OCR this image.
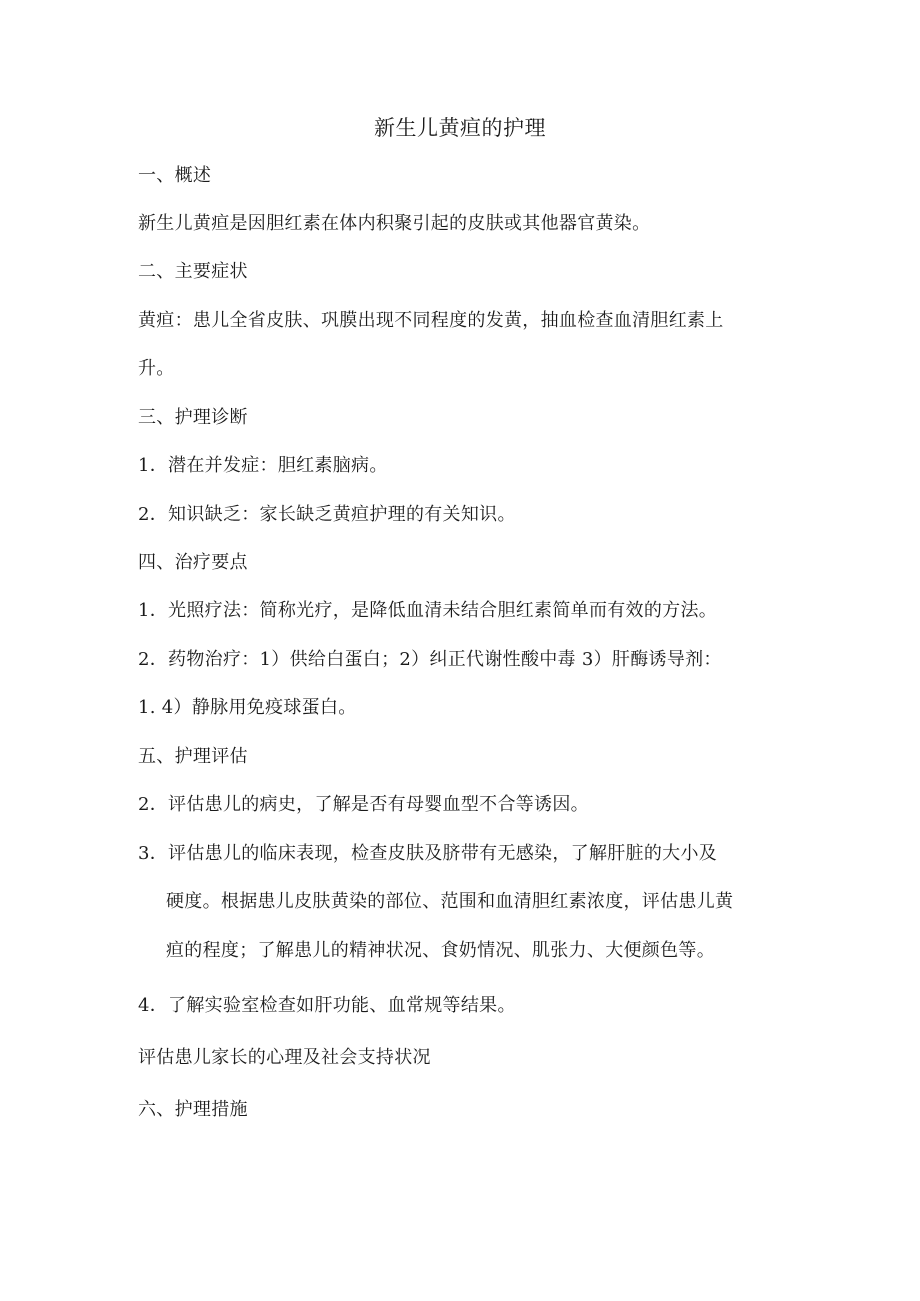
新生儿黄疸的护理
一、概述
新生儿黄疸是因胆红素在体内积聚引起的皮肤或其他器官黄染。
二、主要症状
黄疸：患儿全省皮肤、巩膜出现不同程度的发黄，抽血检查血清胆红素上
升。
三、护理诊断
1．潜在并发症：胆红素脑病。
2．知识缺乏：家长缺乏黄疸护理的有关知识。
四、治疗要点
1．光照疗法：简称光疗，是降低血清未结合胆红素简单而有效的方法。
2．药物治疗：1）供给白蛋白；2）纠正代谢性酸中毒 3）肝酶诱导剂：
1. 4）静脉用免疫球蛋白。
五、护理评估
2．评估患儿的病史，了解是否有母婴血型不合等诱因。
3．评估患儿的临床表现，检查皮肤及脐带有无感染，了解肝脏的大小及
硬度。根据患儿皮肤黄染的部位、范围和血清胆红素浓度，评估患儿黄
疸的程度；了解患儿的精神状况、食奶情况、肌张力、大便颜色等。
4．了解实验室检查如肝功能、血常规等结果。
评估患儿家长的心理及社会支持状况
六、护理措施
